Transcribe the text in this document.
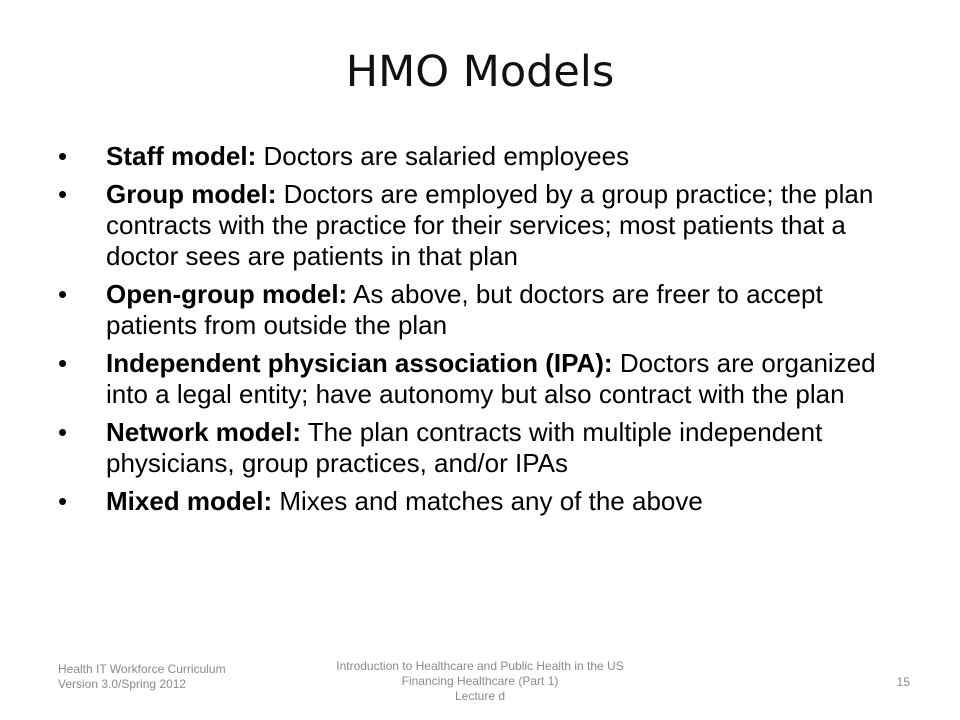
HMO Models
•	Staff model: Doctors are salaried employees
•	Group model: Doctors are employed by a group practice; the plan contracts with the practice for their services; most patients that a doctor sees are patients in that plan
•	Open-group model: As above, but doctors are freer to accept patients from outside the plan
•	Independent physician association (IPA): Doctors are organized into a legal entity; have autonomy but also contract with the plan
•	Network model: The plan contracts with multiple independent physicians, group practices, and/or IPAs
•	Mixed model: Mixes and matches any of the above
Health IT Workforce Curriculum
Version 3.0/Spring 2012
Introduction to Healthcare and Public Health in the US
Financing Healthcare (Part 1)
Lecture d
15
